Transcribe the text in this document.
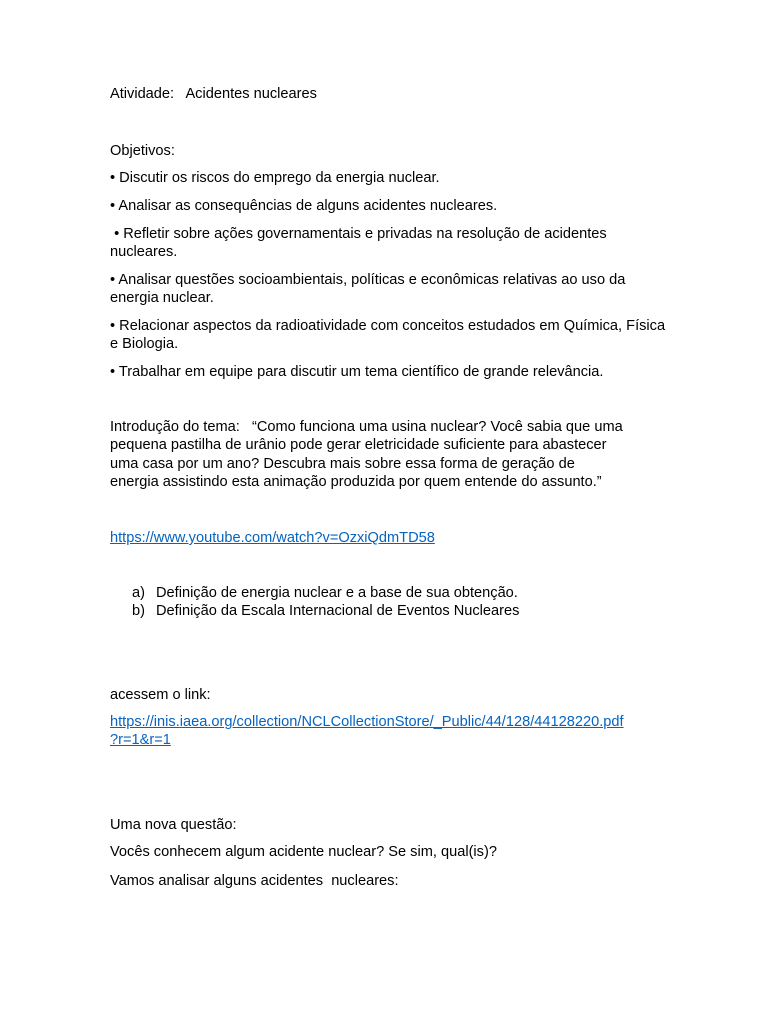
Atividade: Acidentes nucleares

Objetivos:

• Discutir os riscos do emprego da energia nuclear.

• Analisar as consequências de alguns acidentes nucleares.

• Refletir sobre ações governamentais e privadas na resolução de acidentes nucleares.

• Analisar questões socioambientais, políticas e econômicas relativas ao uso da energia nuclear.

• Relacionar aspectos da radioatividade com conceitos estudados em Química, Física e Biologia.

• Trabalhar em equipe para discutir um tema científico de grande relevância.

Introdução do tema:   “Como funciona uma usina nuclear? Você sabia que uma
pequena pastilha de urânio pode gerar eletricidade suficiente para abastecer
uma casa por um ano? Descubra mais sobre essa forma de geração de
energia assistindo esta animação produzida por quem entende do assunto.”

https://www.youtube.com/watch?v=OzxiQdmTD58

a) Definição de energia nuclear e a base de sua obtenção.
b) Definição da Escala Internacional de Eventos Nucleares

acessem o link:

https://inis.iaea.org/collection/NCLCollectionStore/_Public/44/128/44128220.pdf
?r=1&r=1

Uma nova questão:

Vocês conhecem algum acidente nuclear? Se sim, qual(is)?

Vamos analisar alguns acidentes  nucleares:
